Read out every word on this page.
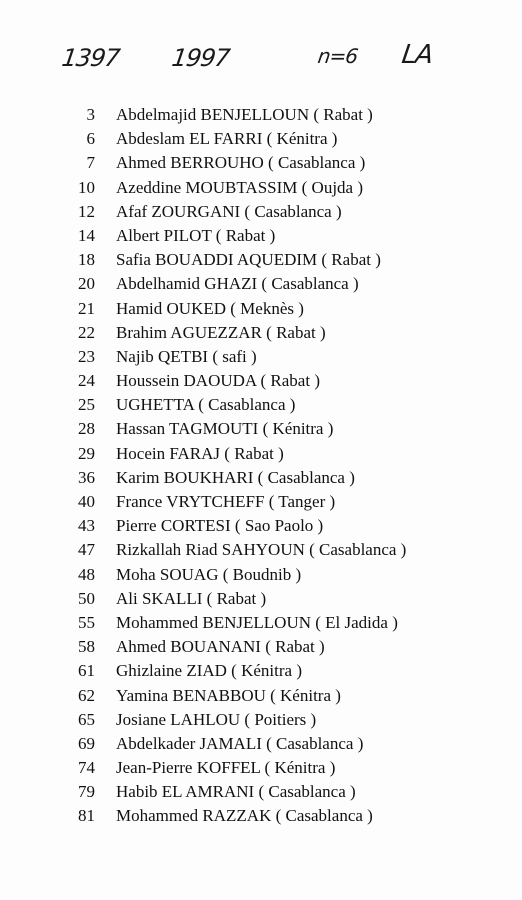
1397 1997	n=6 LA
3 Abdelmajid BENJELLOUN ( Rabat )
6 Abdeslam EL FARRI ( Kénitra )
7 Ahmed BERROUHO ( Casablanca )
10 Azeddine MOUBTASSIM ( Oujda )
12 Afaf ZOURGANI ( Casablanca )
14 Albert PILOT ( Rabat )
18 Safia BOUADDI AQUEDIM ( Rabat )
20 Abdelhamid GHAZI ( Casablanca )
21 Hamid OUKED ( Meknès )
22 Brahim AGUEZZAR ( Rabat )
23 Najib QETBI ( safi )
24 Houssein DAOUDA ( Rabat )
25 UGHETTA ( Casablanca )
28 Hassan TAGMOUTI ( Kénitra )
29 Hocein FARAJ ( Rabat )
36 Karim BOUKHARI ( Casablanca )
40 France VRYTCHEFF ( Tanger )
43 Pierre CORTESI ( Sao Paolo )
47 Rizkallah Riad SAHYOUN ( Casablanca )
48 Moha SOUAG ( Boudnib )
50 Ali SKALLI ( Rabat )
55 Mohammed BENJELLOUN ( El Jadida )
58 Ahmed BOUANANI ( Rabat )
61 Ghizlaine ZIAD ( Kénitra )
62 Yamina BENABBOU ( Kénitra )
65 Josiane LAHLOU ( Poitiers )
69 Abdelkader JAMALI ( Casablanca )
74 Jean-Pierre KOFFEL ( Kénitra )
79 Habib EL AMRANI ( Casablanca )
81 Mohammed RAZZAK ( Casablanca )
